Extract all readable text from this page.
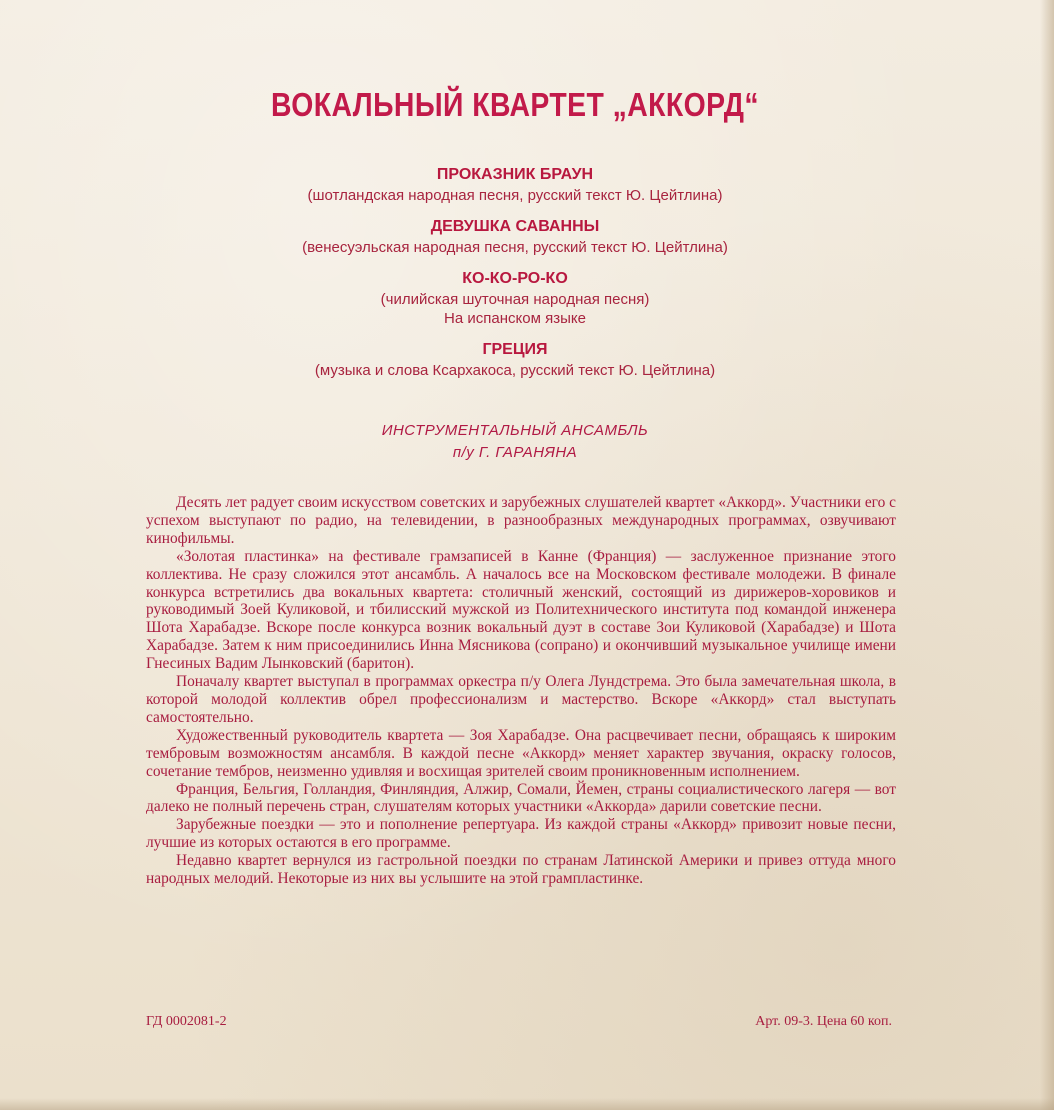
ВОКАЛЬНЫЙ КВАРТЕТ „АККОРД“
ПРОКАЗНИК БРАУН
(шотландская народная песня, русский текст Ю. Цейтлина)
ДЕВУШКА САВАННЫ
(венесуэльская народная песня, русский текст Ю. Цейтлина)
КО-КО-РО-КО
(чилийская шуточная народная песня)
На испанском языке
ГРЕЦИЯ
(музыка и слова Ксархакоса, русский текст Ю. Цейтлина)
ИНСТРУМЕНТАЛЬНЫЙ АНСАМБЛЬ
п/у Г. ГАРАНЯНА

Десять лет радует своим искусством советских и зарубежных слушателей квартет «Аккорд». Участники его с успехом выступают по радио, на телевидении, в разнообразных международных программах, озвучивают кинофильмы.

«Золотая пластинка» на фестивале грамзаписей в Канне (Франция) — заслуженное признание этого коллектива. Не сразу сложился этот ансамбль. А началось все на Московском фестивале молодежи. В финале конкурса встретились два вокальных квартета: столичный женский, состоящий из дирижеров-хоровиков и руководимый Зоей Куликовой, и тбилисский мужской из Политехнического института под командой инженера Шота Харабадзе. Вскоре после конкурса возник вокальный дуэт в составе Зои Куликовой (Харабадзе) и Шота Харабадзе. Затем к ним присоединились Инна Мясникова (сопрано) и окончивший музыкальное училище имени Гнесиных Вадим Лынковский (баритон).

Поначалу квартет выступал в программах оркестра п/у Олега Лундстрема. Это была замечательная школа, в которой молодой коллектив обрел профессионализм и мастерство. Вскоре «Аккорд» стал выступать самостоятельно.

Художественный руководитель квартета — Зоя Харабадзе. Она расцвечивает песни, обращаясь к широким тембровым возможностям ансамбля. В каждой песне «Аккорд» меняет характер звучания, окраску голосов, сочетание тембров, неизменно удивляя и восхищая зрителей своим проникновенным исполнением.

Франция, Бельгия, Голландия, Финляндия, Алжир, Сомали, Йемен, страны социалистического лагеря — вот далеко не полный перечень стран, слушателям которых участники «Аккорда» дарили советские песни.

Зарубежные поездки — это и пополнение репертуара. Из каждой страны «Аккорд» привозит новые песни, лучшие из которых остаются в его программе.

Недавно квартет вернулся из гастрольной поездки по странам Латинской Америки и привез оттуда много народных мелодий. Некоторые из них вы услышите на этой грампластинке.

ГД 0002081-2	Арт. 09-3. Цена 60 коп.
